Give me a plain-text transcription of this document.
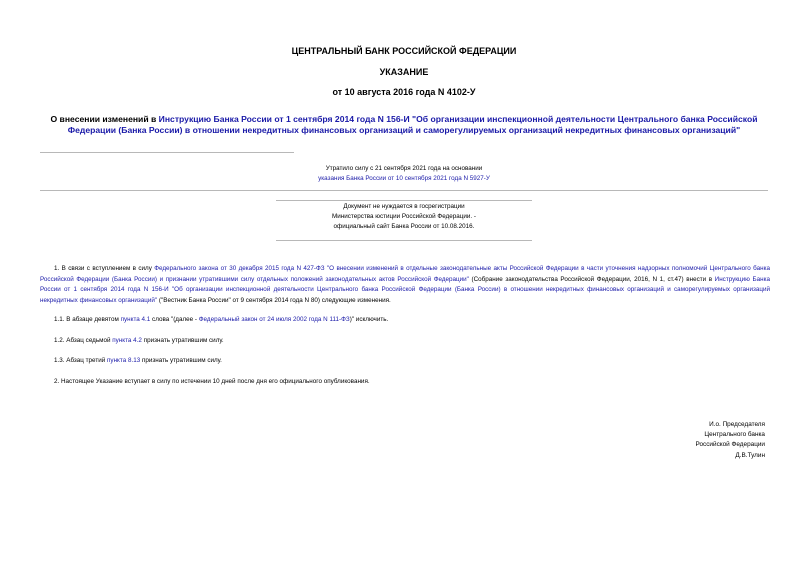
ЦЕНТРАЛЬНЫЙ БАНК РОССИЙСКОЙ ФЕДЕРАЦИИ
УКАЗАНИЕ
от 10 августа 2016 года N 4102-У
О внесении изменений в Инструкцию Банка России от 1 сентября 2014 года N 156-И "Об организации инспекционной деятельности Центрального банка Российской Федерации (Банка России) в отношении некредитных финансовых организаций и саморегулируемых организаций некредитных финансовых организаций"
Утратило силу с 21 сентября 2021 года на основании
указания Банка России от 10 сентября 2021 года N 5927-У
Документ не нуждается в госрегистрации
Министерства юстиции Российской Федерации. -
официальный сайт Банка России от 10.08.2016.
1. В связи с вступлением в силу Федерального закона от 30 декабря 2015 года N 427-ФЗ "О внесении изменений в отдельные законодательные акты Российской Федерации в части уточнения надзорных полномочий Центрального банка Российской Федерации (Банка России) и признании утратившими силу отдельных положений законодательных актов Российской Федерации" (Собрание законодательства Российской Федерации, 2016, N 1, ст.47) внести в Инструкцию Банка России от 1 сентября 2014 года N 156-И "Об организации инспекционной деятельности Центрального банка Российской Федерации (Банка России) в отношении некредитных финансовых организаций и саморегулируемых организаций некредитных финансовых организаций" ("Вестник Банка России" от 9 сентября 2014 года N 80) следующие изменения.
1.1. В абзаце девятом пункта 4.1 слова "(далее - Федеральный закон от 24 июля 2002 года N 111-ФЗ)" исключить.
1.2. Абзац седьмой пункта 4.2 признать утратившим силу.
1.3. Абзац третий пункта 8.13 признать утратившим силу.
2. Настоящее Указание вступает в силу по истечении 10 дней после дня его официального опубликования.
И.о. Председателя
Центрального банка
Российской Федерации
Д.В.Тулин
